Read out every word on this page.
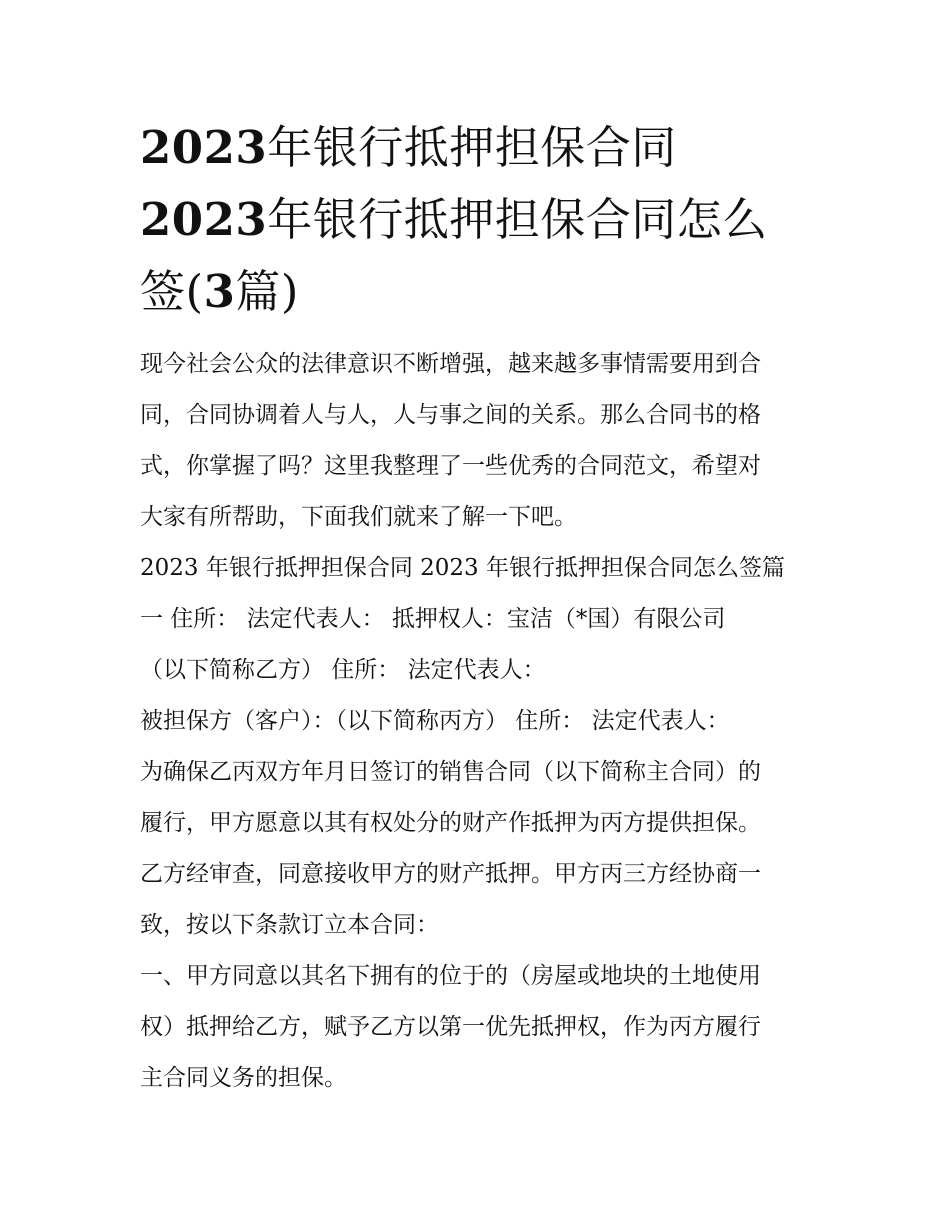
2023年银行抵押担保合同
2023年银行抵押担保合同怎么
签(3篇)

现今社会公众的法律意识不断增强，越来越多事情需要用到合
同，合同协调着人与人，人与事之间的关系。那么合同书的格
式，你掌握了吗？这里我整理了一些优秀的合同范文，希望对
大家有所帮助，下面我们就来了解一下吧。

2023 年银行抵押担保合同 2023 年银行抵押担保合同怎么签篇
一 住所： 法定代表人： 抵押权人：宝洁（*国）有限公司
（以下简称乙方） 住所： 法定代表人：

被担保方（客户）：（以下简称丙方） 住所： 法定代表人：

为确保乙丙双方年月日签订的销售合同（以下简称主合同）的
履行，甲方愿意以其有权处分的财产作抵押为丙方提供担保。
乙方经审查，同意接收甲方的财产抵押。甲方丙三方经协商一
致，按以下条款订立本合同：

一、甲方同意以其名下拥有的位于的（房屋或地块的土地使用
权）抵押给乙方，赋予乙方以第一优先抵押权，作为丙方履行
主合同义务的担保。
